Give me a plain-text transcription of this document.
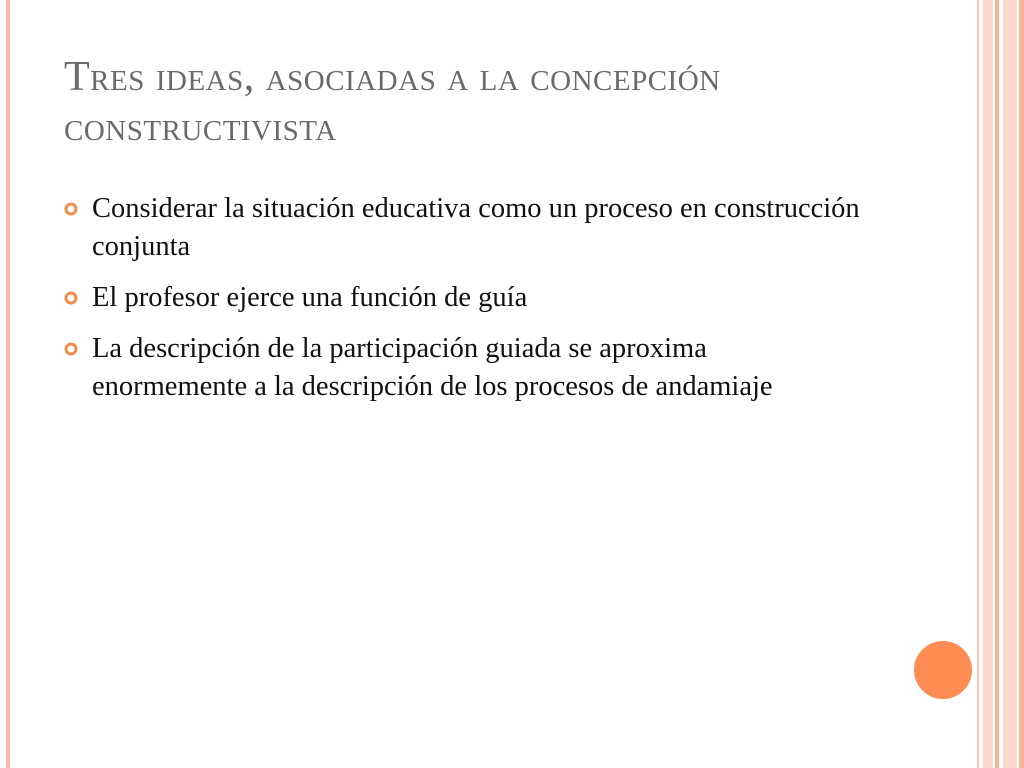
Tres ideas, asociadas a la concepción constructivista
Considerar la situación educativa como un proceso en construcción conjunta
El profesor ejerce una función de guía
La descripción de la participación guiada se aproxima enormemente a la descripción de los procesos de andamiaje
